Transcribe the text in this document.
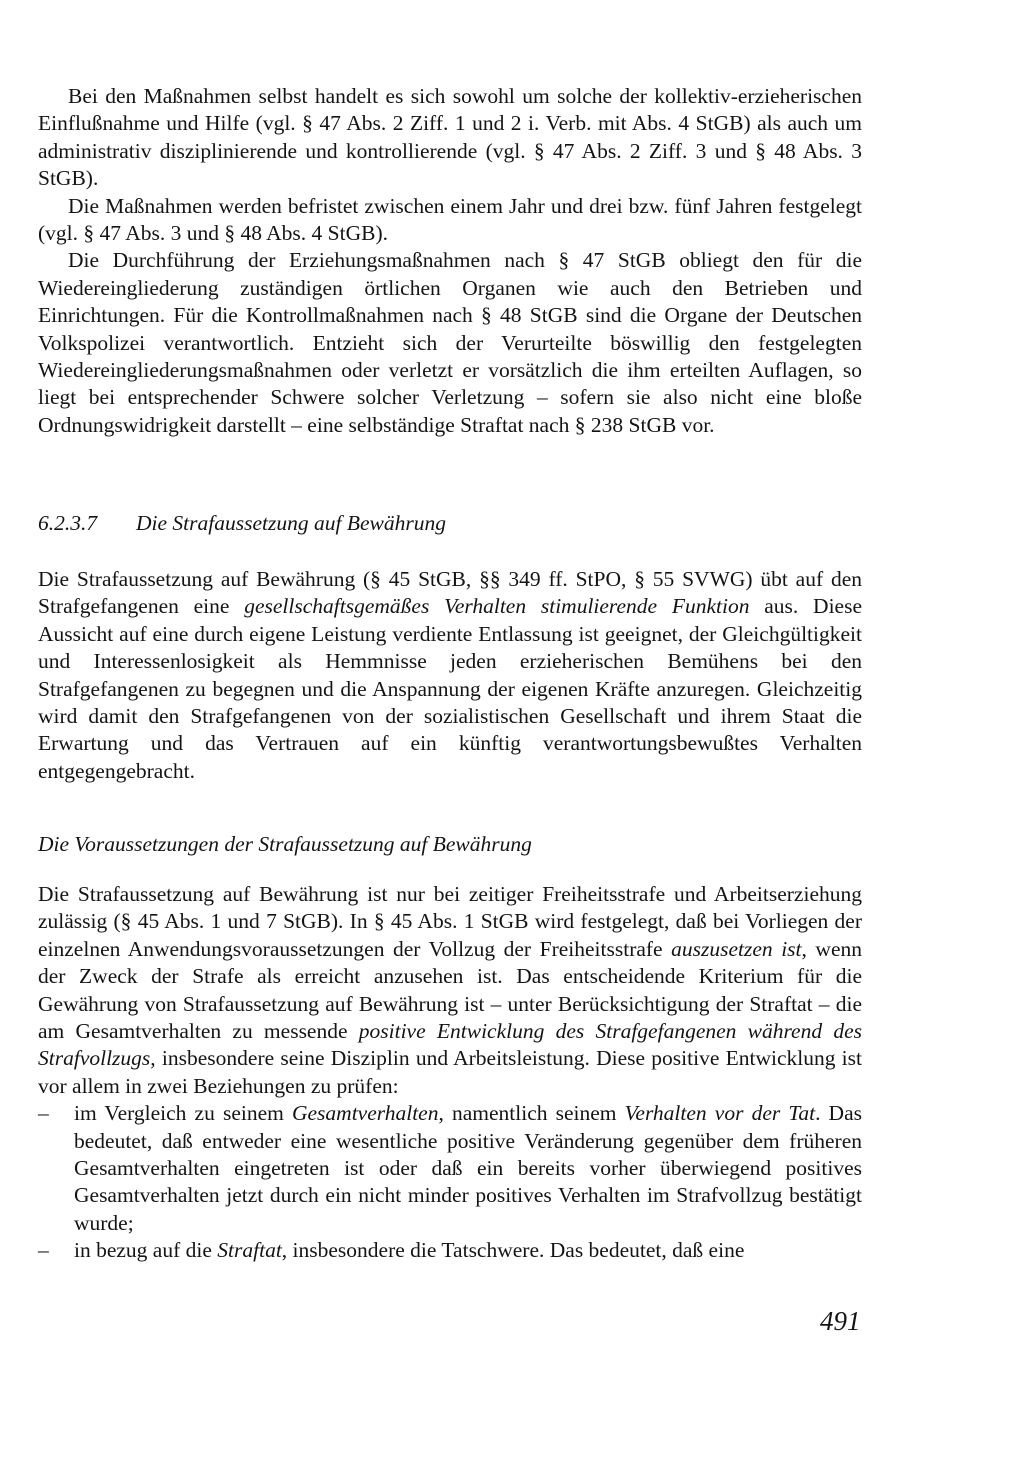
Bei den Maßnahmen selbst handelt es sich sowohl um solche der kollektiv-erzieherischen Einflußnahme und Hilfe (vgl. § 47 Abs. 2 Ziff. 1 und 2 i. Verb. mit Abs. 4 StGB) als auch um administrativ disziplinierende und kontrollierende (vgl. § 47 Abs. 2 Ziff. 3 und § 48 Abs. 3 StGB).

Die Maßnahmen werden befristet zwischen einem Jahr und drei bzw. fünf Jahren festgelegt (vgl. § 47 Abs. 3 und § 48 Abs. 4 StGB).

Die Durchführung der Erziehungsmaßnahmen nach § 47 StGB obliegt den für die Wiedereingliederung zuständigen örtlichen Organen wie auch den Betrieben und Einrichtungen. Für die Kontrollmaßnahmen nach § 48 StGB sind die Organe der Deutschen Volkspolizei verantwortlich. Entzieht sich der Verurteilte böswillig den festgelegten Wiedereingliederungsmaßnahmen oder verletzt er vorsätzlich die ihm erteilten Auflagen, so liegt bei entsprechender Schwere solcher Verletzung – sofern sie also nicht eine bloße Ordnungswidrigkeit darstellt – eine selbständige Straftat nach § 238 StGB vor.

6.2.3.7 Die Strafaussetzung auf Bewährung

Die Strafaussetzung auf Bewährung (§ 45 StGB, §§ 349 ff. StPO, § 55 SVWG) übt auf den Strafgefangenen eine gesellschaftsgemäßes Verhalten stimulierende Funktion aus. Diese Aussicht auf eine durch eigene Leistung verdiente Entlassung ist geeignet, der Gleichgültigkeit und Interessenlosigkeit als Hemmnisse jeden erzieherischen Bemühens bei den Strafgefangenen zu begegnen und die Anspannung der eigenen Kräfte anzuregen. Gleichzeitig wird damit den Strafgefangenen von der sozialistischen Gesellschaft und ihrem Staat die Erwartung und das Vertrauen auf ein künftig verantwortungsbewußtes Verhalten entgegengebracht.

Die Voraussetzungen der Strafaussetzung auf Bewährung

Die Strafaussetzung auf Bewährung ist nur bei zeitiger Freiheitsstrafe und Arbeitserziehung zulässig (§ 45 Abs. 1 und 7 StGB). In § 45 Abs. 1 StGB wird festgelegt, daß bei Vorliegen der einzelnen Anwendungsvoraussetzungen der Vollzug der Freiheitsstrafe auszusetzen ist, wenn der Zweck der Strafe als erreicht anzusehen ist. Das entscheidende Kriterium für die Gewährung von Strafaussetzung auf Bewährung ist – unter Berücksichtigung der Straftat – die am Gesamtverhalten zu messende positive Entwicklung des Strafgefangenen während des Strafvollzugs, insbesondere seine Disziplin und Arbeitsleistung. Diese positive Entwicklung ist vor allem in zwei Beziehungen zu prüfen:

– im Vergleich zu seinem Gesamtverhalten, namentlich seinem Verhalten vor der Tat. Das bedeutet, daß entweder eine wesentliche positive Veränderung gegenüber dem früheren Gesamtverhalten eingetreten ist oder daß ein bereits vorher überwiegend positives Gesamtverhalten jetzt durch ein nicht minder positives Verhalten im Strafvollzug bestätigt wurde;
– in bezug auf die Straftat, insbesondere die Tatschwere. Das bedeutet, daß eine

491
